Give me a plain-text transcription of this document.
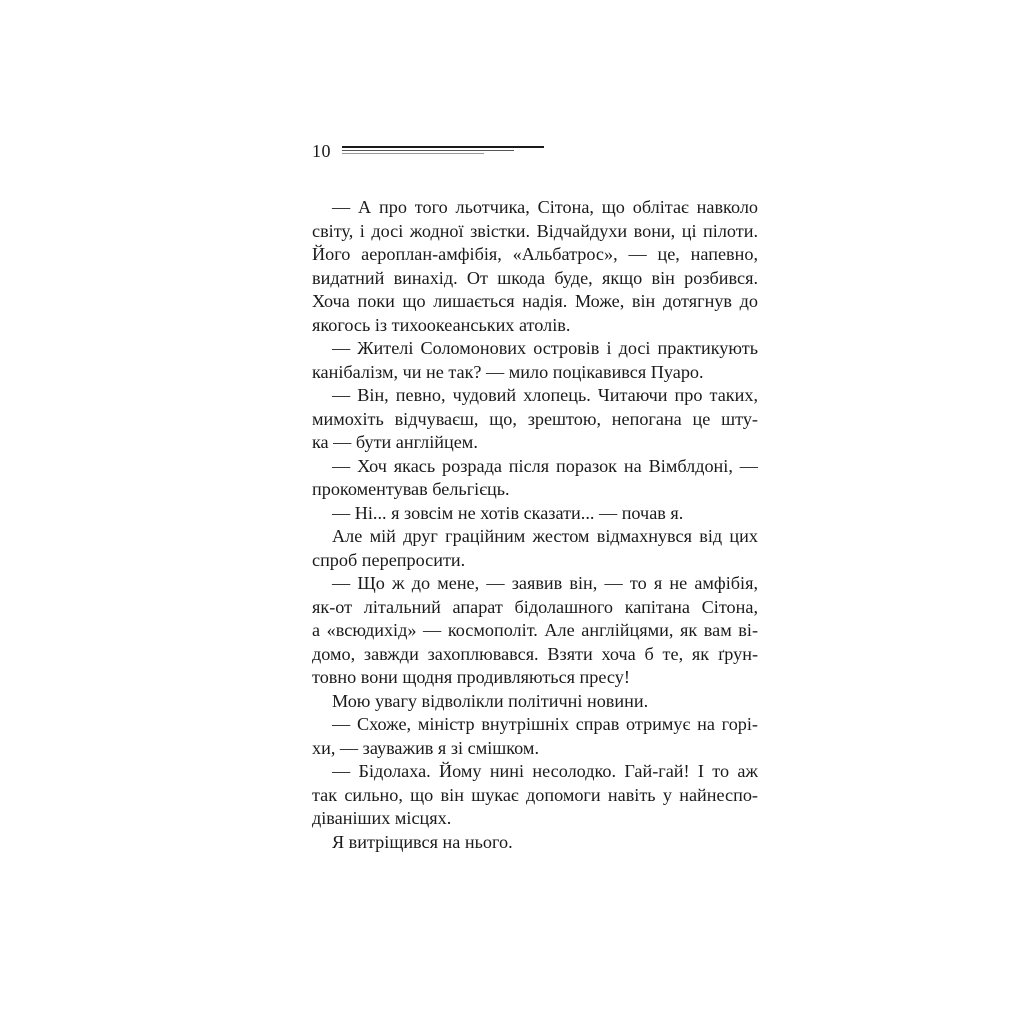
10
— А про того льотчика, Сітона, що облітає навколо
світу, і досі жодної звістки. Відчайдухи вони, ці пілоти.
Його аероплан-амфібія, «Альбатрос», — це, напевно,
видатний винахід. От шкода буде, якщо він розбився.
Хоча поки що лишається надія. Може, він дотягнув до
якогось із тихоокеанських атолів.
— Жителі Соломонових островів і досі практикують
канібалізм, чи не так? — мило поцікавився Пуаро.
— Він, певно, чудовий хлопець. Читаючи про таких,
мимохіть відчуваєш, що, зрештою, непогана це шту-
ка — бути англійцем.
— Хоч якась розрада після поразок на Вімблдоні, —
прокоментував бельгієць.
— Ні... я зовсім не хотів сказати... — почав я.
Але мій друг граційним жестом відмахнувся від цих
спроб перепросити.
— Що ж до мене, — заявив він, — то я не амфібія,
як-от літальний апарат бідолашного капітана Сітона,
а «всюдихід» — космополіт. Але англійцями, як вам ві-
домо, завжди захоплювався. Взяти хоча б те, як ґрун-
товно вони щодня продивляються пресу!
Мою увагу відволікли політичні новини.
— Схоже, міністр внутрішніх справ отримує на горі-
хи, — зауважив я зі смішком.
— Бідолаха. Йому нині несолодко. Гай-гай! І то аж
так сильно, що він шукає допомоги навіть у найнеспо-
діваніших місцях.
Я витріщився на нього.
